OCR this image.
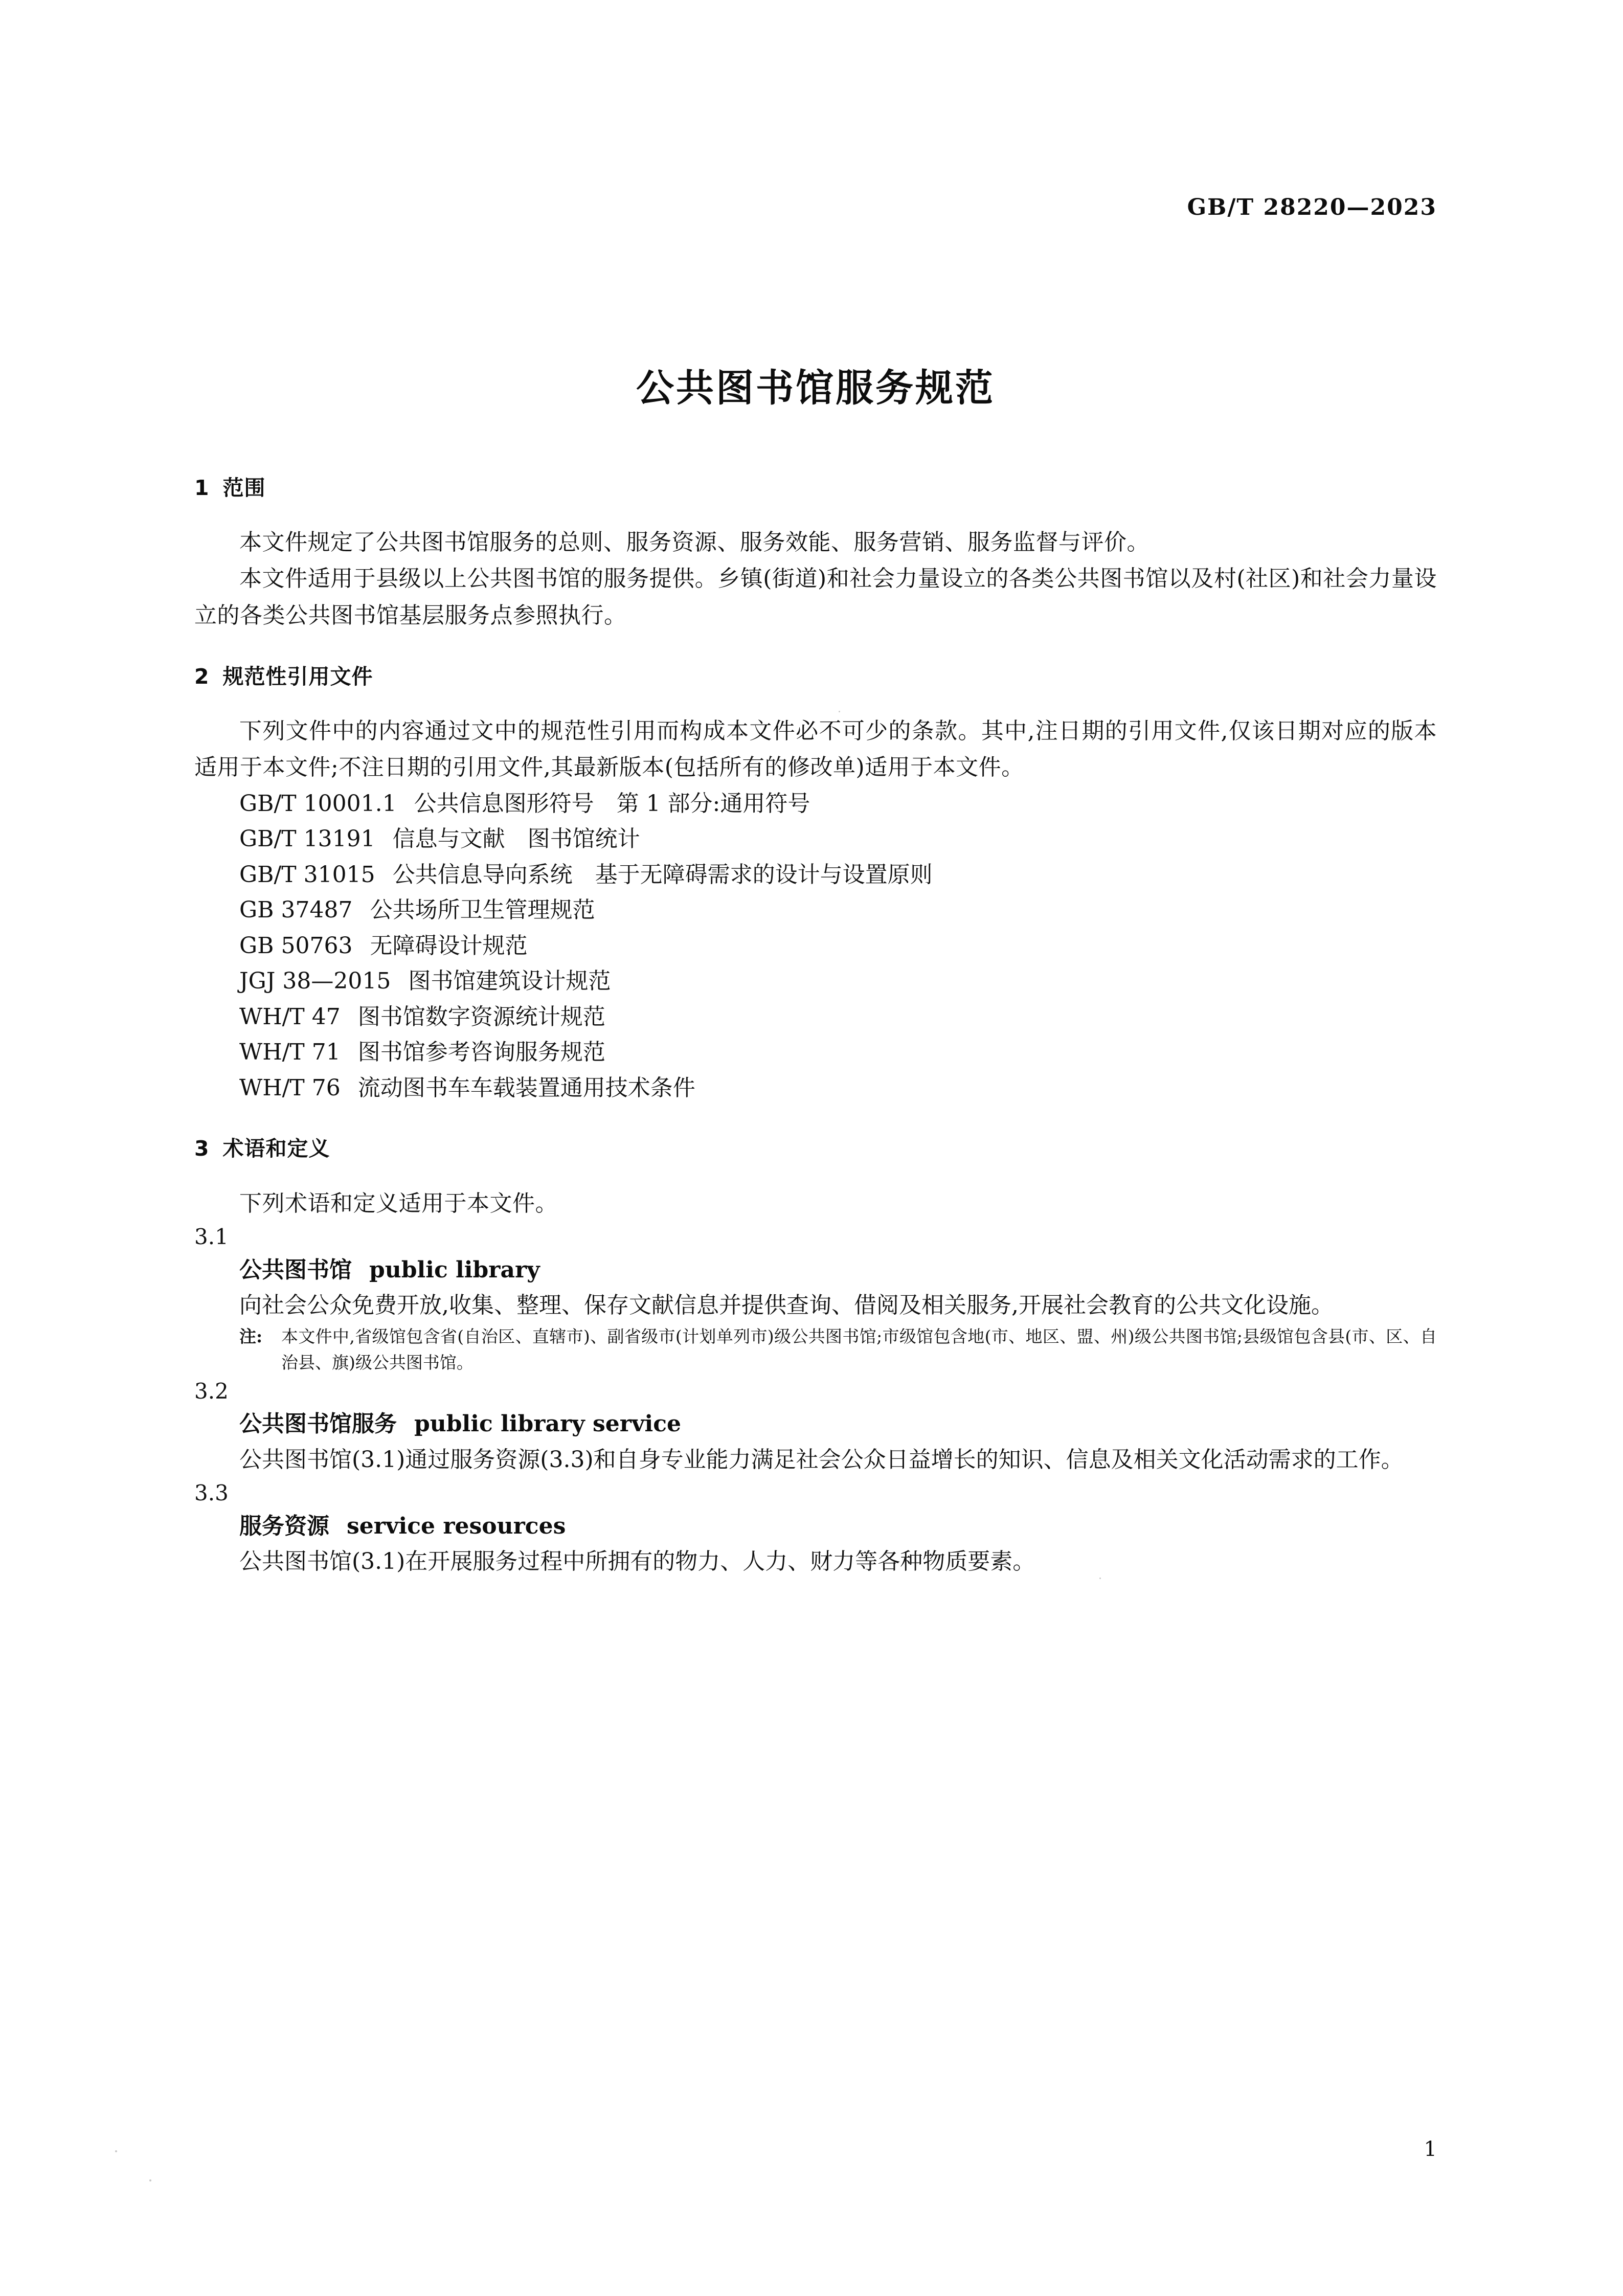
GB/T 28220—2023
公共图书馆服务规范
1 范围

本文件规定了公共图书馆服务的总则、服务资源、服务效能、服务营销、服务监督与评价。

本文件适用于县级以上公共图书馆的服务提供。乡镇(街道)和社会力量设立的各类公共图书馆以及村(社区)和社会力量设立的各类公共图书馆基层服务点参照执行。

2 规范性引用文件

下列文件中的内容通过文中的规范性引用而构成本文件必不可少的条款。其中,注日期的引用文件,仅该日期对应的版本适用于本文件;不注日期的引用文件,其最新版本(包括所有的修改单)适用于本文件。

GB/T 10001.1 公共信息图形符号　第 1 部分:通用符号
GB/T 13191 信息与文献　图书馆统计
GB/T 31015 公共信息导向系统　基于无障碍需求的设计与设置原则
GB 37487 公共场所卫生管理规范
GB 50763 无障碍设计规范
JGJ 38—2015 图书馆建筑设计规范
WH/T 47 图书馆数字资源统计规范
WH/T 71 图书馆参考咨询服务规范
WH/T 76 流动图书车车载装置通用技术条件
3 术语和定义

下列术语和定义适用于本文件。

3.1

公共图书馆 public library

向社会公众免费开放,收集、整理、保存文献信息并提供查询、借阅及相关服务,开展社会教育的公共文化设施。

注: 本文件中,省级馆包含省(自治区、直辖市)、副省级市(计划单列市)级公共图书馆;市级馆包含地(市、地区、盟、州)级公共图书馆;县级馆包含县(市、区、自治县、旗)级公共图书馆。

3.2

公共图书馆服务 public library service

公共图书馆(3.1)通过服务资源(3.3)和自身专业能力满足社会公众日益增长的知识、信息及相关文化活动需求的工作。

3.3

服务资源 service resources

公共图书馆(3.1)在开展服务过程中所拥有的物力、人力、财力等各种物质要素。

1
